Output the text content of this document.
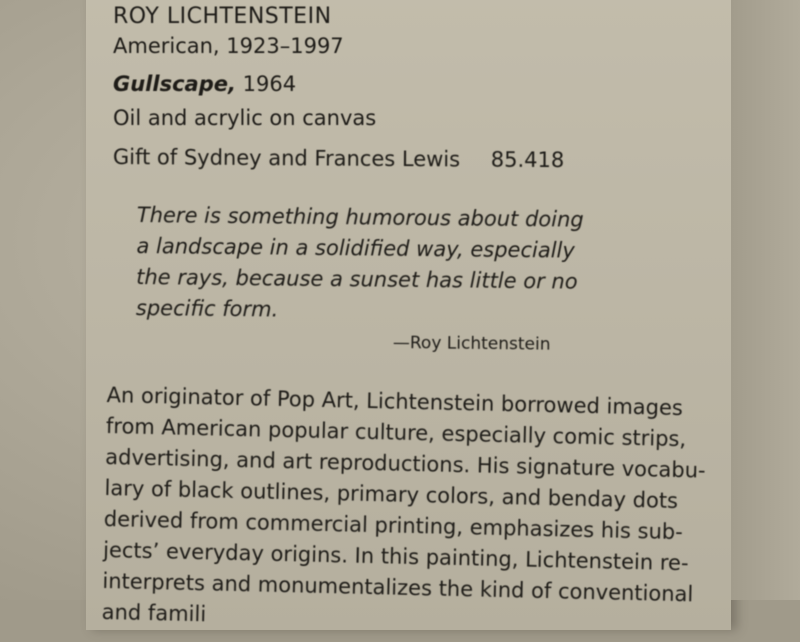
ROY LICHTENSTEIN
American, 1923–1997
Gullscape, 1964
Oil and acrylic on canvas
Gift of Sydney and Frances Lewis 85.418
There is something humorous about doing
a landscape in a solidified way, especially
the rays, because a sunset has little or no
specific form.
—Roy Lichtenstein
An originator of Pop Art, Lichtenstein borrowed images
from American popular culture, especially comic strips,
advertising, and art reproductions. His signature vocabu-
lary of black outlines, primary colors, and benday dots
derived from commercial printing, emphasizes his sub-
jects’ everyday origins. In this painting, Lichtenstein re-
interprets and monumentalizes the kind of conventional
and famili
